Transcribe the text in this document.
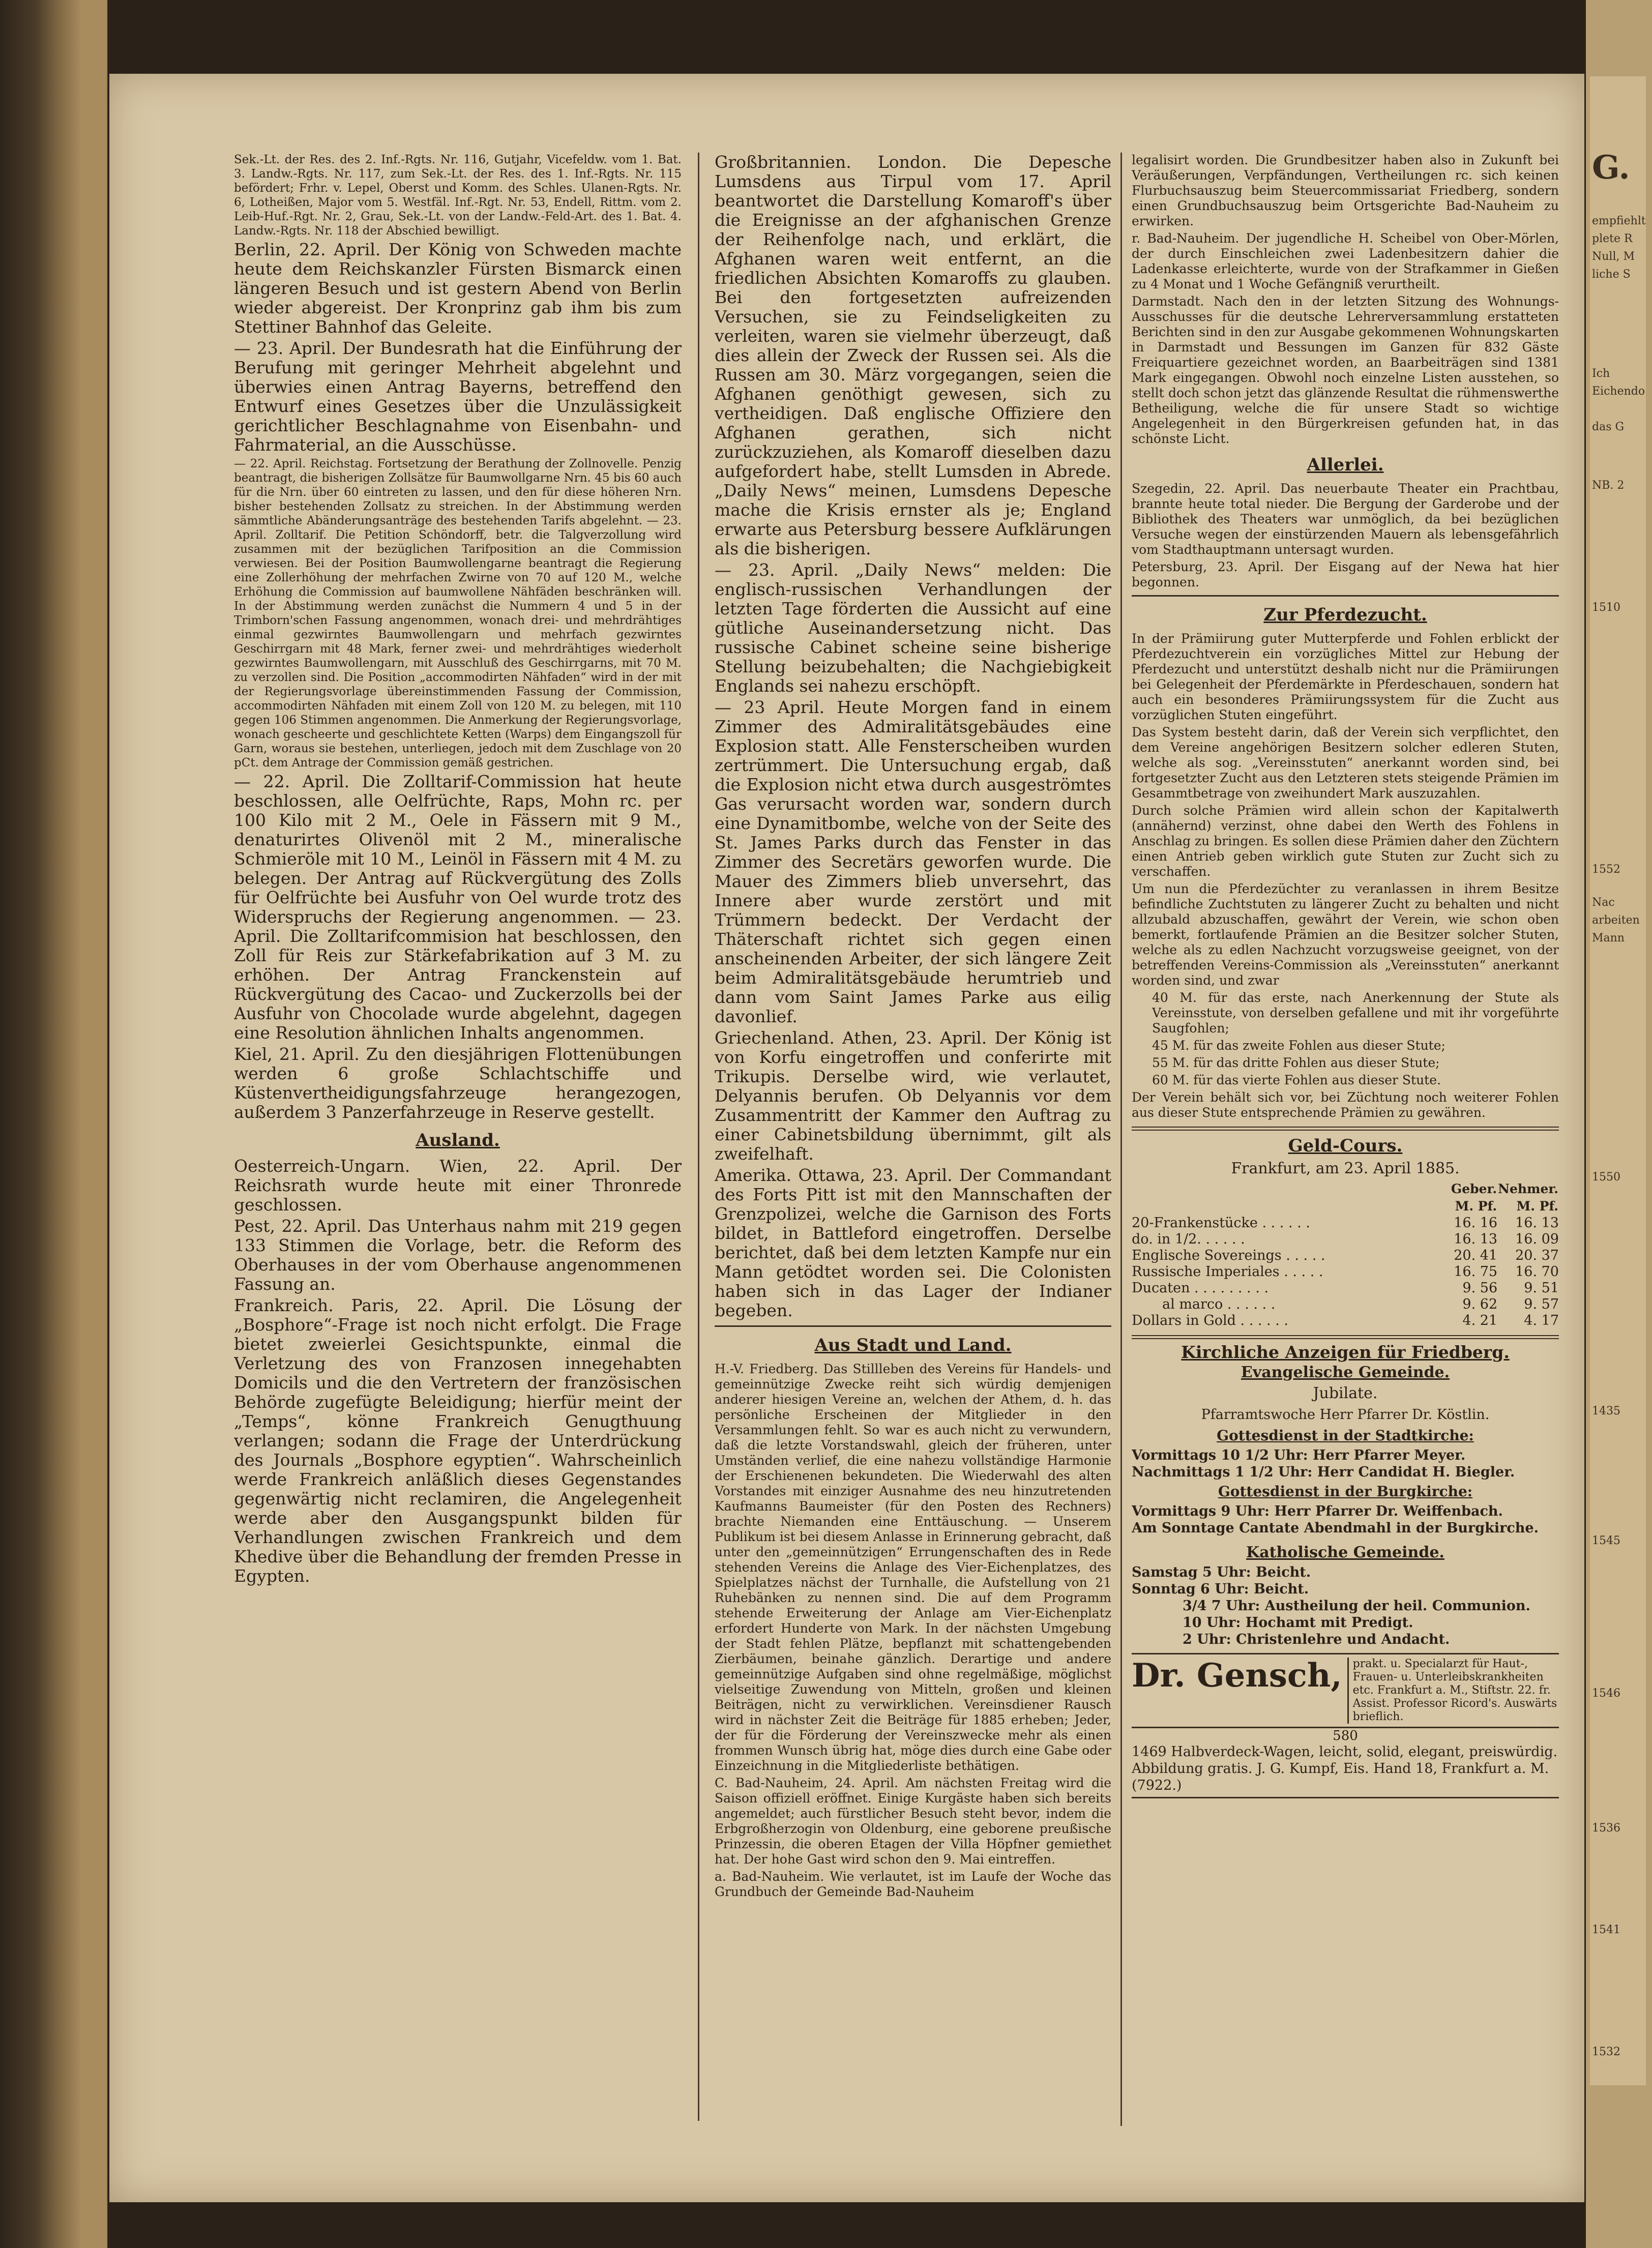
G.
empfiehlt
plete R
Null, M
liche S
Ich
Eichendo
das G
NB. 2
1510
1552
Nac
arbeiten
Mann
1550
1435
1545
1546
1536
1541
1532

Sek.-Lt. der Res. des 2. Inf.-Rgts. Nr. 116, Gutjahr, Vicefeldw. vom 1. Bat. 3. Landw.-Rgts. Nr. 117, zum Sek.-Lt. der Res. des 1. Inf.-Rgts. Nr. 115 befördert; Frhr. v. Lepel, Oberst und Komm. des Schles. Ulanen-Rgts. Nr. 6, Lotheißen, Major vom 5. Westfäl. Inf.-Rgt. Nr. 53, Endell, Rittm. vom 2. Leib-Huf.-Rgt. Nr. 2, Grau, Sek.-Lt. von der Landw.-Feld-Art. des 1. Bat. 4. Landw.-Rgts. Nr. 118 der Abschied bewilligt.

Berlin, 22. April. Der König von Schweden machte heute dem Reichskanzler Fürsten Bismarck einen längeren Besuch und ist gestern Abend von Berlin wieder abgereist. Der Kronprinz gab ihm bis zum Stettiner Bahnhof das Geleite.

— 23. April. Der Bundesrath hat die Einführung der Berufung mit geringer Mehrheit abgelehnt und überwies einen Antrag Bayerns, betreffend den Entwurf eines Gesetzes über die Unzulässigkeit gerichtlicher Beschlagnahme von Eisenbahn- und Fahrmaterial, an die Ausschüsse.

— 22. April. Reichstag. Fortsetzung der Berathung der Zollnovelle. Penzig beantragt, die bisherigen Zollsätze für Baumwollgarne Nrn. 45 bis 60 auch für die Nrn. über 60 eintreten zu lassen, und den für diese höheren Nrn. bisher bestehenden Zollsatz zu streichen. In der Abstimmung werden sämmtliche Abänderungsanträge des bestehenden Tarifs abgelehnt. — 23. April. Zolltarif. Die Petition Schöndorff, betr. die Talgverzollung wird zusammen mit der bezüglichen Tarifposition an die Commission verwiesen. Bei der Position Baumwollengarne beantragt die Regierung eine Zollerhöhung der mehrfachen Zwirne von 70 auf 120 M., welche Erhöhung die Commission auf baumwollene Nähfäden beschränken will. In der Abstimmung werden zunächst die Nummern 4 und 5 in der Trimborn'schen Fassung angenommen, wonach drei- und mehrdrähtiges einmal gezwirntes Baumwollengarn und mehrfach gezwirntes Geschirrgarn mit 48 Mark, ferner zwei- und mehrdrähtiges wiederholt gezwirntes Baumwollengarn, mit Ausschluß des Geschirrgarns, mit 70 M. zu verzollen sind. Die Position „accommodirten Nähfaden“ wird in der mit der Regierungsvorlage übereinstimmenden Fassung der Commission, accommodirten Nähfaden mit einem Zoll von 120 M. zu belegen, mit 110 gegen 106 Stimmen angenommen. Die Anmerkung der Regierungsvorlage, wonach gescheerte und geschlichtete Ketten (Warps) dem Eingangszoll für Garn, woraus sie bestehen, unterliegen, jedoch mit dem Zuschlage von 20 pCt. dem Antrage der Commission gemäß gestrichen.

— 22. April. Die Zolltarif-Commission hat heute beschlossen, alle Oelfrüchte, Raps, Mohn rc. per 100 Kilo mit 2 M., Oele in Fässern mit 9 M., denaturirtes Olivenöl mit 2 M., mineralische Schmieröle mit 10 M., Leinöl in Fässern mit 4 M. zu belegen. Der Antrag auf Rückvergütung des Zolls für Oelfrüchte bei Ausfuhr von Oel wurde trotz des Widerspruchs der Regierung angenommen. — 23. April. Die Zolltarifcommision hat beschlossen, den Zoll für Reis zur Stärkefabrikation auf 3 M. zu erhöhen. Der Antrag Franckenstein auf Rückvergütung des Cacao- und Zuckerzolls bei der Ausfuhr von Chocolade wurde abgelehnt, dagegen eine Resolution ähnlichen Inhalts angenommen.

Kiel, 21. April. Zu den diesjährigen Flottenübungen werden 6 große Schlachtschiffe und Küstenvertheidigungsfahrzeuge herangezogen, außerdem 3 Panzerfahrzeuge in Reserve gestellt.

Ausland.

Oesterreich-Ungarn. Wien, 22. April. Der Reichsrath wurde heute mit einer Thronrede geschlossen.

Pest, 22. April. Das Unterhaus nahm mit 219 gegen 133 Stimmen die Vorlage, betr. die Reform des Oberhauses in der vom Oberhause angenommenen Fassung an.

Frankreich. Paris, 22. April. Die Lösung der „Bosphore“-Frage ist noch nicht erfolgt. Die Frage bietet zweierlei Gesichtspunkte, einmal die Verletzung des von Franzosen innegehabten Domicils und die den Vertretern der französischen Behörde zugefügte Beleidigung; hierfür meint der „Temps“, könne Frankreich Genugthuung verlangen; sodann die Frage der Unterdrückung des Journals „Bosphore egyptien“. Wahrscheinlich werde Frankreich anläßlich dieses Gegenstandes gegenwärtig nicht reclamiren, die Angelegenheit werde aber den Ausgangspunkt bilden für Verhandlungen zwischen Frankreich und dem Khedive über die Behandlung der fremden Presse in Egypten.

Großbritannien. London. Die Depesche Lumsdens aus Tirpul vom 17. April beantwortet die Darstellung Komaroff's über die Ereignisse an der afghanischen Grenze der Reihenfolge nach, und erklärt, die Afghanen waren weit entfernt, an die friedlichen Absichten Komaroffs zu glauben. Bei den fortgesetzten aufreizenden Versuchen, sie zu Feindseligkeiten zu verleiten, waren sie vielmehr überzeugt, daß dies allein der Zweck der Russen sei. Als die Russen am 30. März vorgegangen, seien die Afghanen genöthigt gewesen, sich zu vertheidigen. Daß englische Offiziere den Afghanen gerathen, sich nicht zurückzuziehen, als Komaroff dieselben dazu aufgefordert habe, stellt Lumsden in Abrede. „Daily News“ meinen, Lumsdens Depesche mache die Krisis ernster als je; England erwarte aus Petersburg bessere Aufklärungen als die bisherigen.

— 23. April. „Daily News“ melden: Die englisch-russischen Verhandlungen der letzten Tage förderten die Aussicht auf eine gütliche Auseinandersetzung nicht. Das russische Cabinet scheine seine bisherige Stellung beizubehalten; die Nachgiebigkeit Englands sei nahezu erschöpft.

— 23 April. Heute Morgen fand in einem Zimmer des Admiralitätsgebäudes eine Explosion statt. Alle Fensterscheiben wurden zertrümmert. Die Untersuchung ergab, daß die Explosion nicht etwa durch ausgeströmtes Gas verursacht worden war, sondern durch eine Dynamitbombe, welche von der Seite des St. James Parks durch das Fenster in das Zimmer des Secretärs geworfen wurde. Die Mauer des Zimmers blieb unversehrt, das Innere aber wurde zerstört und mit Trümmern bedeckt. Der Verdacht der Thäterschaft richtet sich gegen einen anscheinenden Arbeiter, der sich längere Zeit beim Admiralitätsgebäude herumtrieb und dann vom Saint James Parke aus eilig davonlief.

Griechenland. Athen, 23. April. Der König ist von Korfu eingetroffen und conferirte mit Trikupis. Derselbe wird, wie verlautet, Delyannis berufen. Ob Delyannis vor dem Zusammentritt der Kammer den Auftrag zu einer Cabinetsbildung übernimmt, gilt als zweifelhaft.

Amerika. Ottawa, 23. April. Der Commandant des Forts Pitt ist mit den Mannschaften der Grenzpolizei, welche die Garnison des Forts bildet, in Battleford eingetroffen. Derselbe berichtet, daß bei dem letzten Kampfe nur ein Mann getödtet worden sei. Die Colonisten haben sich in das Lager der Indianer begeben.

Aus Stadt und Land.

H.-V. Friedberg. Das Stillleben des Vereins für Handels- und gemeinnützige Zwecke reiht sich würdig demjenigen anderer hiesigen Vereine an, welchen der Athem, d. h. das persönliche Erscheinen der Mitglieder in den Versammlungen fehlt. So war es auch nicht zu verwundern, daß die letzte Vorstandswahl, gleich der früheren, unter Umständen verlief, die eine nahezu vollständige Harmonie der Erschienenen bekundeten. Die Wiederwahl des alten Vorstandes mit einziger Ausnahme des neu hinzutretenden Kaufmanns Baumeister (für den Posten des Rechners) brachte Niemanden eine Enttäuschung. — Unserem Publikum ist bei diesem Anlasse in Erinnerung gebracht, daß unter den „gemeinnützigen“ Errungenschaften des in Rede stehenden Vereins die Anlage des Vier-Eichenplatzes, des Spielplatzes nächst der Turnhalle, die Aufstellung von 21 Ruhebänken zu nennen sind. Die auf dem Programm stehende Erweiterung der Anlage am Vier-Eichenplatz erfordert Hunderte von Mark. In der nächsten Umgebung der Stadt fehlen Plätze, bepflanzt mit schattengebenden Zierbäumen, beinahe gänzlich. Derartige und andere gemeinnützige Aufgaben sind ohne regelmäßige, möglichst vielseitige Zuwendung von Mitteln, großen und kleinen Beiträgen, nicht zu verwirklichen. Vereinsdiener Rausch wird in nächster Zeit die Beiträge für 1885 erheben; Jeder, der für die Förderung der Vereinszwecke mehr als einen frommen Wunsch übrig hat, möge dies durch eine Gabe oder Einzeichnung in die Mitgliederliste bethätigen.

C. Bad-Nauheim, 24. April. Am nächsten Freitag wird die Saison offiziell eröffnet. Einige Kurgäste haben sich bereits angemeldet; auch fürstlicher Besuch steht bevor, indem die Erbgroßherzogin von Oldenburg, eine geborene preußische Prinzessin, die oberen Etagen der Villa Höpfner gemiethet hat. Der hohe Gast wird schon den 9. Mai eintreffen.

a. Bad-Nauheim. Wie verlautet, ist im Laufe der Woche das Grundbuch der Gemeinde Bad-Nauheim

legalisirt worden. Die Grundbesitzer haben also in Zukunft bei Veräußerungen, Verpfändungen, Vertheilungen rc. sich keinen Flurbuchsauszug beim Steuercommissariat Friedberg, sondern einen Grundbuchsauszug beim Ortsgerichte Bad-Nauheim zu erwirken.

r. Bad-Nauheim. Der jugendliche H. Scheibel von Ober-Mörlen, der durch Einschleichen zwei Ladenbesitzern dahier die Ladenkasse erleichterte, wurde von der Strafkammer in Gießen zu 4 Monat und 1 Woche Gefängniß verurtheilt.

Darmstadt. Nach den in der letzten Sitzung des Wohnungs-Ausschusses für die deutsche Lehrerversammlung erstatteten Berichten sind in den zur Ausgabe gekommenen Wohnungskarten in Darmstadt und Bessungen im Ganzen für 832 Gäste Freiquartiere gezeichnet worden, an Baarbeiträgen sind 1381 Mark eingegangen. Obwohl noch einzelne Listen ausstehen, so stellt doch schon jetzt das glänzende Resultat die rühmenswerthe Betheiligung, welche die für unsere Stadt so wichtige Angelegenheit in den Bürgerkreisen gefunden hat, in das schönste Licht.

Allerlei.

Szegedin, 22. April. Das neuerbaute Theater ein Prachtbau, brannte heute total nieder. Die Bergung der Garderobe und der Bibliothek des Theaters war unmöglich, da bei bezüglichen Versuche wegen der einstürzenden Mauern als lebensgefährlich vom Stadthauptmann untersagt wurden.

Petersburg, 23. April. Der Eisgang auf der Newa hat hier begonnen.

Zur Pferdezucht.

In der Prämiirung guter Mutterpferde und Fohlen erblickt der Pferdezuchtverein ein vorzügliches Mittel zur Hebung der Pferdezucht und unterstützt deshalb nicht nur die Prämiirungen bei Gelegenheit der Pferdemärkte in Pferdeschauen, sondern hat auch ein besonderes Prämiirungssystem für die Zucht aus vorzüglichen Stuten eingeführt.

Das System besteht darin, daß der Verein sich verpflichtet, den dem Vereine angehörigen Besitzern solcher edleren Stuten, welche als sog. „Vereinsstuten“ anerkannt worden sind, bei fortgesetzter Zucht aus den Letzteren stets steigende Prämien im Gesammtbetrage von zweihundert Mark auszuzahlen.

Durch solche Prämien wird allein schon der Kapitalwerth (annähernd) verzinst, ohne dabei den Werth des Fohlens in Anschlag zu bringen. Es sollen diese Prämien daher den Züchtern einen Antrieb geben wirklich gute Stuten zur Zucht sich zu verschaffen.

Um nun die Pferdezüchter zu veranlassen in ihrem Besitze befindliche Zuchtstuten zu längerer Zucht zu behalten und nicht allzubald abzuschaffen, gewährt der Verein, wie schon oben bemerkt, fortlaufende Prämien an die Besitzer solcher Stuten, welche als zu edlen Nachzucht vorzugsweise geeignet, von der betreffenden Vereins-Commission als „Vereinsstuten“ anerkannt worden sind, und zwar

40 M. für das erste, nach Anerkennung der Stute als Vereinsstute, von derselben gefallene und mit ihr vorgeführte Saugfohlen;

45 M. für das zweite Fohlen aus dieser Stute;

55 M. für das dritte Fohlen aus dieser Stute;

60 M. für das vierte Fohlen aus dieser Stute.

Der Verein behält sich vor, bei Züchtung noch weiterer Fohlen aus dieser Stute entsprechende Prämien zu gewähren.

Geld-Cours.
Frankfurt, am 23. April 1885.
	Geber.	Nehmer.
	M. Pf.	M. Pf.
20-Frankenstücke . . . . . .	16. 16	16. 13
do. in 1/2. . . . . .	16. 13	16. 09
Englische Sovereings . . . . .	20. 41	20. 37
Russische Imperiales . . . . .	16. 75	16. 70
Ducaten . . . . . . . . .	9. 56	9. 51
al marco . . . . . .	9. 62	9. 57
Dollars in Gold . . . . . .	4. 21	4. 17
Kirchliche Anzeigen für Friedberg.
Evangelische Gemeinde.
Jubilate.
Pfarramtswoche Herr Pfarrer Dr. Köstlin.
Gottesdienst in der Stadtkirche:

Vormittags 10 1/2 Uhr: Herr Pfarrer Meyer.

Nachmittags 1 1/2 Uhr: Herr Candidat H. Biegler.

Gottesdienst in der Burgkirche:

Vormittags 9 Uhr: Herr Pfarrer Dr. Weiffenbach.

Am Sonntage Cantate Abendmahl in der Burgkirche.

Katholische Gemeinde.

Samstag 5 Uhr: Beicht.

Sonntag 6 Uhr: Beicht.

3/4 7 Uhr: Austheilung der heil. Communion.

10 Uhr: Hochamt mit Predigt.

2 Uhr: Christenlehre und Andacht.

Dr. Gensch, prakt. u. Specialarzt für Haut-, Frauen- u. Unterleibskrankheiten etc. Frankfurt a. M., Stiftstr. 22. fr. Assist. Professor Ricord's. Auswärts brieflich.
580
1469 Halbverdeck-Wagen, leicht, solid, elegant, preiswürdig. Abbildung gratis. J. G. Kumpf, Eis. Hand 18, Frankfurt a. M. (7922.)
